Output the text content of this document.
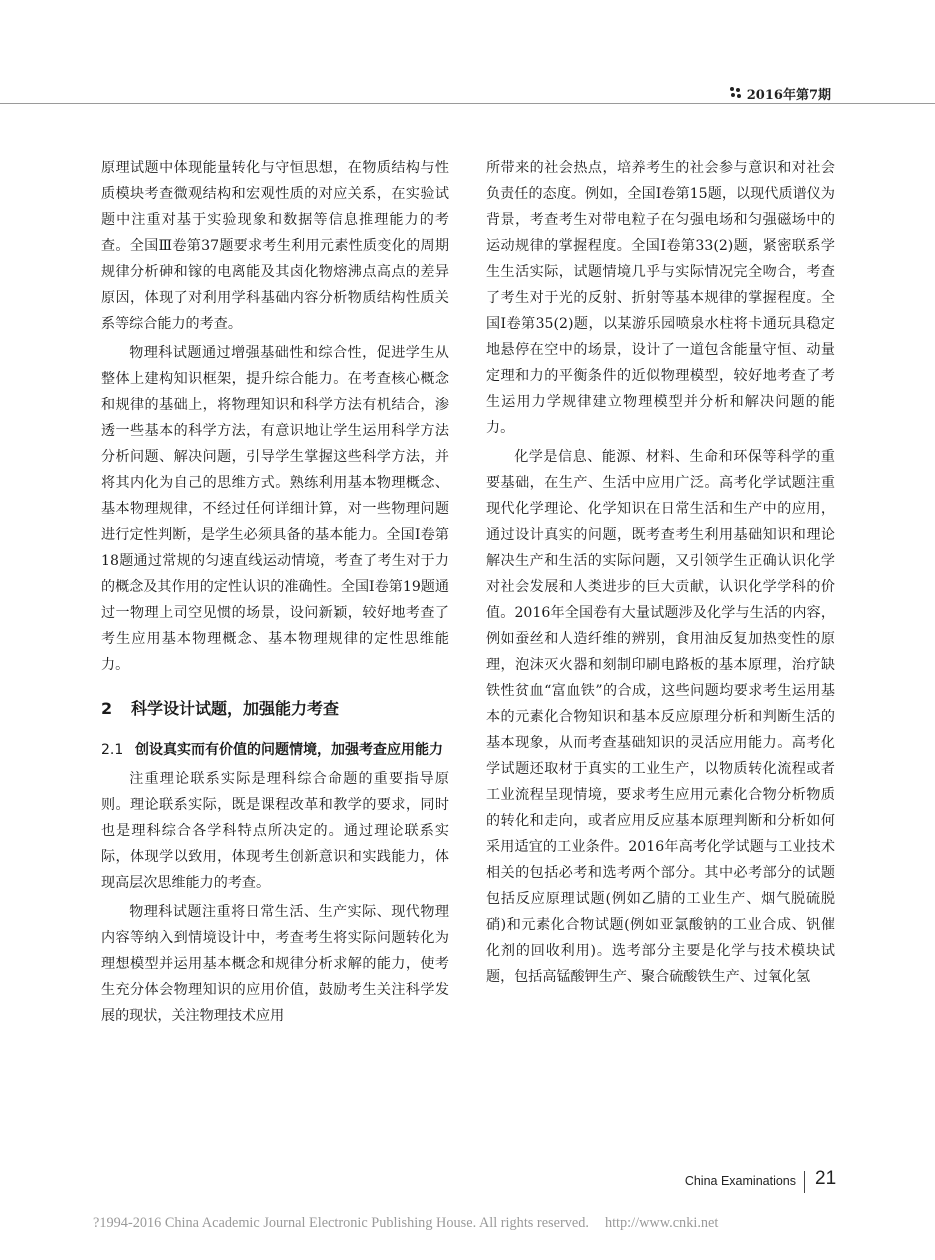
2016年第7期

原理试题中体现能量转化与守恒思想，在物质结构与性质模块考查微观结构和宏观性质的对应关系，在实验试题中注重对基于实验现象和数据等信息推理能力的考查。全国Ⅲ卷第37题要求考生利用元素性质变化的周期规律分析砷和镓的电离能及其卤化物熔沸点高点的差异原因，体现了对利用学科基础内容分析物质结构性质关系等综合能力的考查。

物理科试题通过增强基础性和综合性，促进学生从整体上建构知识框架，提升综合能力。在考查核心概念和规律的基础上，将物理知识和科学方法有机结合，渗透一些基本的科学方法，有意识地让学生运用科学方法分析问题、解决问题，引导学生掌握这些科学方法，并将其内化为自己的思维方式。熟练利用基本物理概念、基本物理规律，不经过任何详细计算，对一些物理问题进行定性判断，是学生必须具备的基本能力。全国Ⅰ卷第18题通过常规的匀速直线运动情境，考查了考生对于力的概念及其作用的定性认识的准确性。全国Ⅰ卷第19题通过一物理上司空见惯的场景，设问新颖，较好地考查了考生应用基本物理概念、基本物理规律的定性思维能力。

2 科学设计试题，加强能力考查
2.1 创设真实而有价值的问题情境，加强考查应用能力

注重理论联系实际是理科综合命题的重要指导原则。理论联系实际，既是课程改革和教学的要求，同时也是理科综合各学科特点所决定的。通过理论联系实际，体现学以致用，体现考生创新意识和实践能力，体现高层次思维能力的考查。

物理科试题注重将日常生活、生产实际、现代物理内容等纳入到情境设计中，考查考生将实际问题转化为理想模型并运用基本概念和规律分析求解的能力，使考生充分体会物理知识的应用价值，鼓励考生关注科学发展的现状，关注物理技术应用

所带来的社会热点，培养考生的社会参与意识和对社会负责任的态度。例如，全国Ⅰ卷第15题，以现代质谱仪为背景，考查考生对带电粒子在匀强电场和匀强磁场中的运动规律的掌握程度。全国Ⅰ卷第33(2)题，紧密联系学生生活实际，试题情境几乎与实际情况完全吻合，考查了考生对于光的反射、折射等基本规律的掌握程度。全国Ⅰ卷第35(2)题，以某游乐园喷泉水柱将卡通玩具稳定地悬停在空中的场景，设计了一道包含能量守恒、动量定理和力的平衡条件的近似物理模型，较好地考查了考生运用力学规律建立物理模型并分析和解决问题的能力。

化学是信息、能源、材料、生命和环保等科学的重要基础，在生产、生活中应用广泛。高考化学试题注重现代化学理论、化学知识在日常生活和生产中的应用，通过设计真实的问题，既考查考生利用基础知识和理论解决生产和生活的实际问题，又引领学生正确认识化学对社会发展和人类进步的巨大贡献，认识化学学科的价值。2016年全国卷有大量试题涉及化学与生活的内容，例如蚕丝和人造纤维的辨别，食用油反复加热变性的原理，泡沫灭火器和刻制印刷电路板的基本原理，治疗缺铁性贫血“富血铁”的合成，这些问题均要求考生运用基本的元素化合物知识和基本反应原理分析和判断生活的基本现象，从而考查基础知识的灵活应用能力。高考化学试题还取材于真实的工业生产，以物质转化流程或者工业流程呈现情境，要求考生应用元素化合物分析物质的转化和走向，或者应用反应基本原理判断和分析如何采用适宜的工业条件。2016年高考化学试题与工业技术相关的包括必考和选考两个部分。其中必考部分的试题包括反应原理试题(例如乙腈的工业生产、烟气脱硫脱硝)和元素化合物试题(例如亚氯酸钠的工业合成、钒催化剂的回收利用)。选考部分主要是化学与技术模块试题，包括高锰酸钾生产、聚合硫酸铁生产、过氧化氢

China Examinations 21
?1994-2016 China Academic Journal Electronic Publishing House. All rights reserved. http://www.cnki.net
